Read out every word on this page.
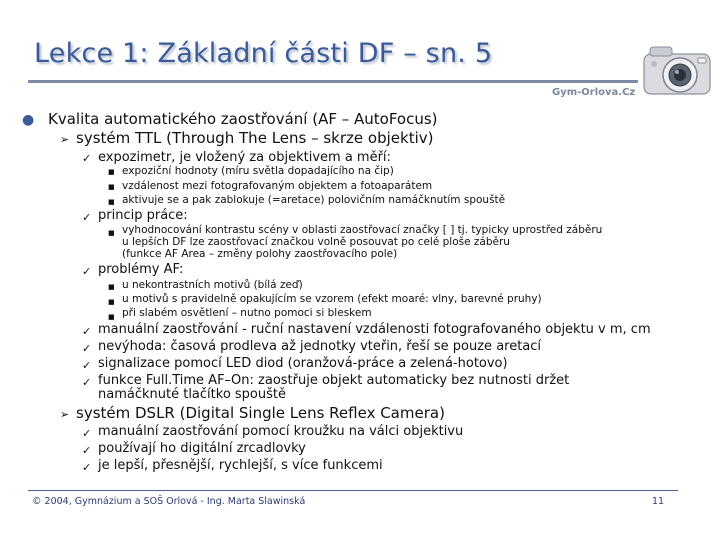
Lekce 1: Základní části DF – sn. 5
Gym-Orlova.Cz
● Kvalita automatického zaostřování (AF – AutoFocus)
➢ systém TTL (Through The Lens – skrze objektiv)
✓ expozimetr, je vložený za objektivem a měří:
■ expoziční hodnoty (míru světla dopadajícího na čip)
■ vzdálenost mezi fotografovaným objektem a fotoaparátem
■ aktivuje se a pak zablokuje (=aretace) polovičním namáčknutím spouště
✓ princip práce:
■ vyhodnocování kontrastu scény v oblasti zaostřovací značky [ ] tj. typicky uprostřed záběru
u lepších DF lze zaostřovací značkou volně posouvat po celé ploše záběru
(funkce AF Area – změny polohy zaostřovacího pole)
✓ problémy AF:
■ u nekontrastních motivů (bílá zeď)
■ u motivů s pravidelně opakujícím se vzorem (efekt moaré: vlny, barevné pruhy)
■ při slabém osvětlení – nutno pomoci si bleskem
✓ manuální zaostřování - ruční nastavení vzdálenosti fotografovaného objektu v m, cm
✓ nevýhoda: časová prodleva až jednotky vteřin, řeší se pouze aretací
✓ signalizace pomocí LED diod (oranžová-práce a zelená-hotovo)
✓ funkce Full.Time AF–On: zaostřuje objekt automaticky bez nutnosti držet
namáčknuté tlačítko spouště
➢ systém DSLR (Digital Single Lens Reflex Camera)
✓ manuální zaostřování pomocí kroužku na válci objektivu
✓ používají ho digitální zrcadlovky
✓ je lepší, přesnější, rychlejší, s více funkcemi
© 2004, Gymnázium a SOŠ Orlová - Ing. Marta Slawinská	11
